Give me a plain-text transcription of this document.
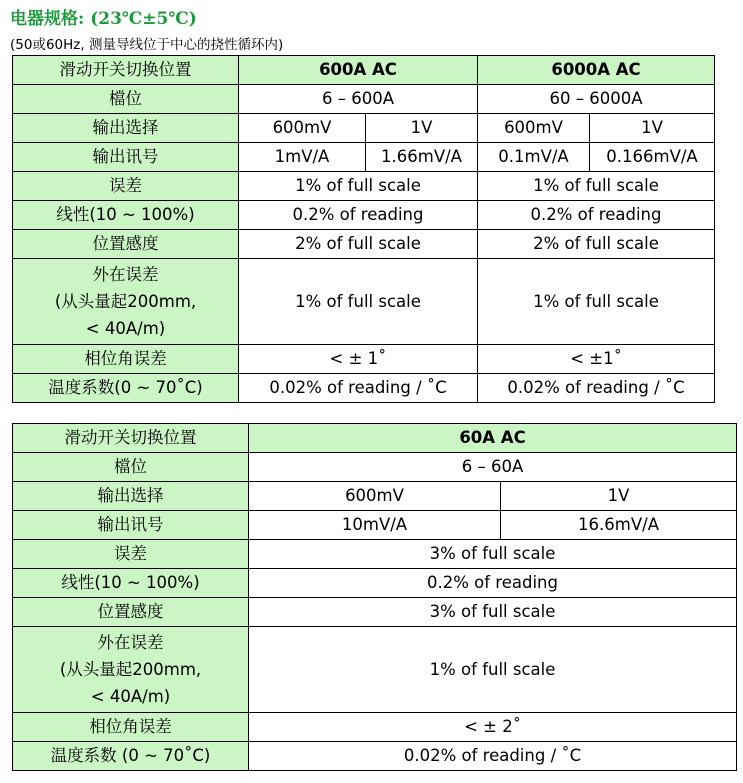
电器规格: (23℃±5℃)
(50或60Hz, 测量导线位于中心的挠性循环内)
滑动开关切换位置	600A AC		6000A AC	
檔位	6 – 600A		60 – 6000A	
输出选择	600mV	1V	600mV	1V
输出讯号	1mV/A	1.66mV/A	0.1mV/A	0.166mV/A
误差	1% of full scale		1% of full scale	
线性(10 ~ 100%)	0.2% of reading		0.2% of reading	
位置感度	2% of full scale		2% of full scale	

外在误差
(从头量起200mm,
< 40A/m)	1% of full scale		1% of full scale	
相位角误差	< ± 1˚		< ±1˚	
温度系数(0 ~ 70˚C)	0.02% of reading / ˚C		0.02% of reading / ˚C	
滑动开关切换位置	60A AC	
檔位	6 – 60A	
输出选择	600mV	1V
输出讯号	10mV/A	16.6mV/A
误差	3% of full scale	
线性(10 ~ 100%)	0.2% of reading	
位置感度	3% of full scale	

外在误差
(从头量起200mm,
< 40A/m)	1% of full scale	
相位角误差	< ± 2˚	
温度系数 (0 ~ 70˚C)	0.02% of reading / ˚C	
